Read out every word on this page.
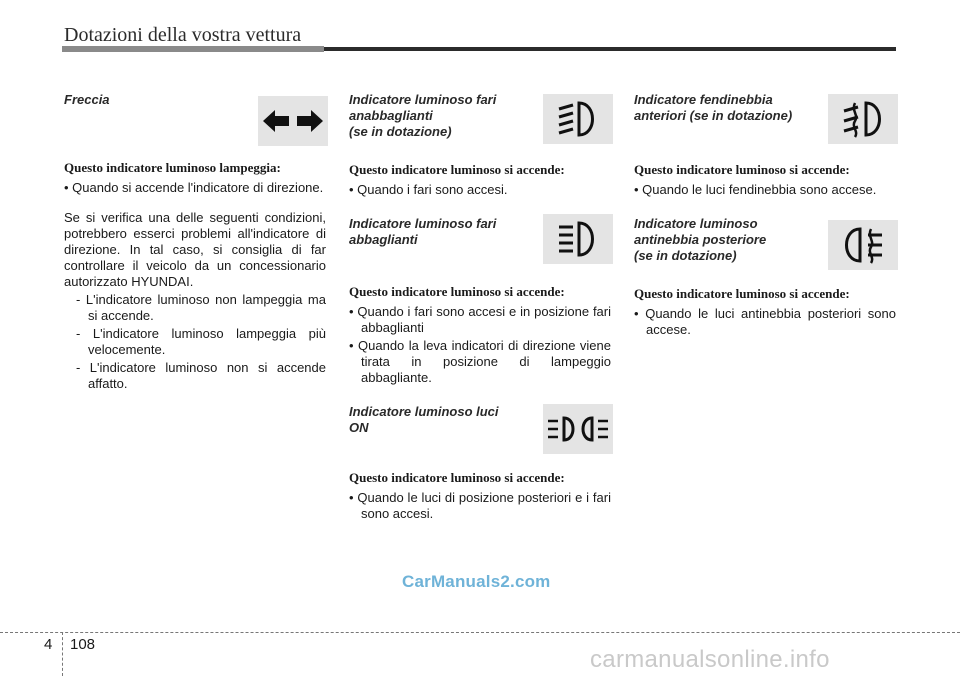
Dotazioni della vostra vettura
Freccia

Questo indicatore luminoso lampeggia:

• Quando si accende l'indicatore di direzione.

Se si verifica una delle seguenti condizioni, potrebbero esserci problemi all'indicatore di direzione. In tal caso, si consiglia di far controllare il veicolo da un concessionario autorizzato HYUNDAI.

- L'indicatore luminoso non lampeggia ma si accende.

- L'indicatore luminoso lampeggia più velocemente.

- L'indicatore luminoso non si accende affatto.

Indicatore luminoso fari
anabbaglianti
(se in dotazione)

Questo indicatore luminoso si accende:

• Quando i fari sono accesi.

Indicatore luminoso fari
abbaglianti

Questo indicatore luminoso si accende:

• Quando i fari sono accesi e in posizione fari abbaglianti

• Quando la leva indicatori di direzione viene tirata in posizione di lampeggio abbagliante.

Indicatore luminoso luci
ON

Questo indicatore luminoso si accende:

• Quando le luci di posizione posteriori e i fari sono accesi.

Indicatore fendinebbia
anteriori (se in dotazione)

Questo indicatore luminoso si accende:

• Quando le luci fendinebbia sono accese.

Indicatore luminoso
antinebbia posteriore
(se in dotazione)

Questo indicatore luminoso si accende:

• Quando le luci antinebbia posteriori sono accese.

CarManuals2.com
4 108
carmanualsonline.info
